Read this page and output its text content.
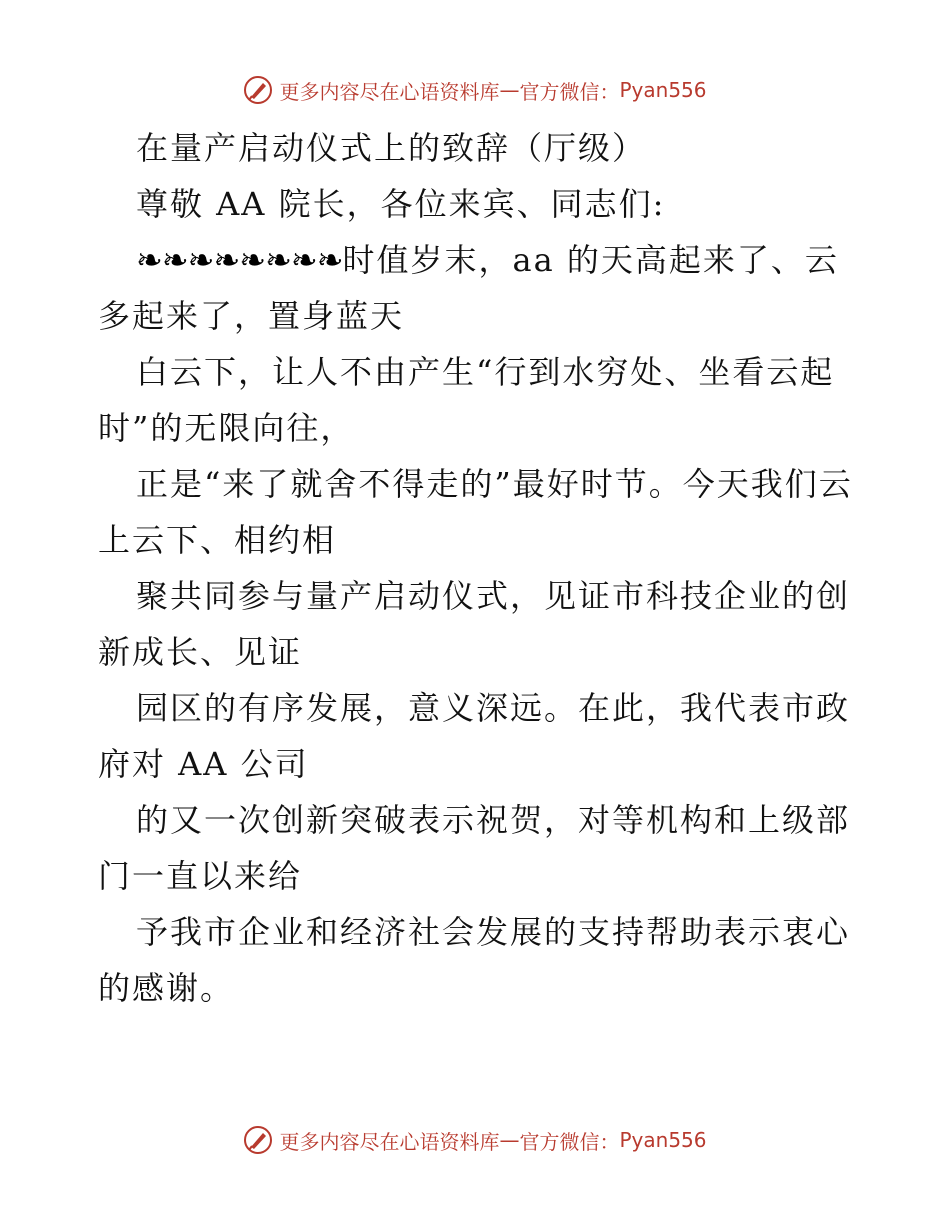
更多内容尽在心语资料库 — 官方微信： Pyan556

在量产启动仪式上的致辞（厅级）

尊敬 AA 院长，各位来宾、同志们:

❧❧❧❧❧❧❧❧时值岁末，aa 的天高起来了、云多起来了，置身蓝天

白云下，让人不由产生“行到水穷处、坐看云起时”的无限向往，

正是“来了就舍不得走的”最好时节。今天我们云上云下、相约相

聚共同参与量产启动仪式，见证市科技企业的创新成长、见证

园区的有序发展，意义深远。在此，我代表市政府对 AA 公司

的又一次创新突破表示祝贺，对等机构和上级部门一直以来给

予我市企业和经济社会发展的支持帮助表示衷心的感谢。

更多内容尽在心语资料库 — 官方微信： Pyan556
